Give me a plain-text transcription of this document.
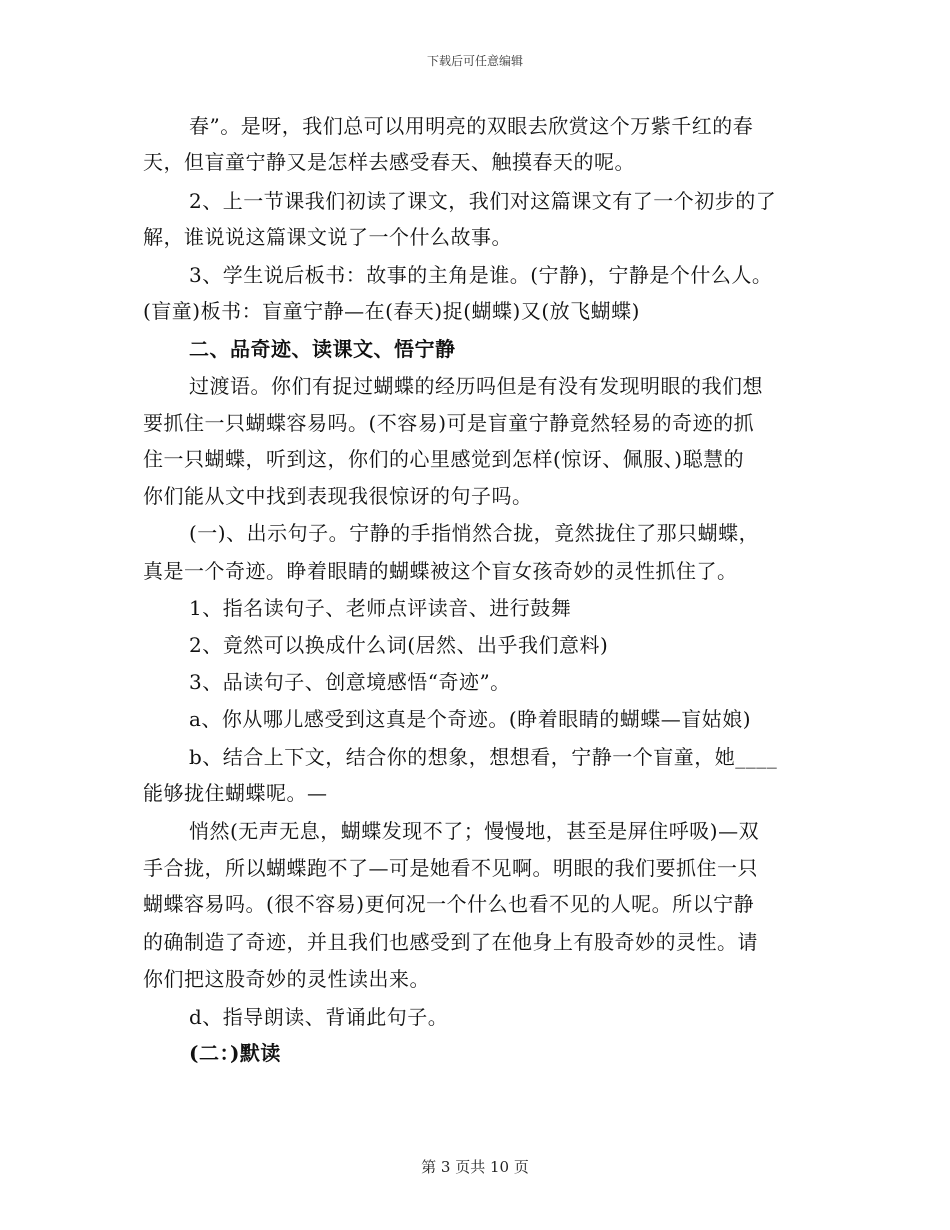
下载后可任意编辑
春”。是呀，我们总可以用明亮的双眼去欣赏这个万紫千红的春
天，但盲童宁静又是怎样去感受春天、触摸春天的呢。
2、上一节课我们初读了课文，我们对这篇课文有了一个初步的了
解，谁说说这篇课文说了一个什么故事。
3、学生说后板书：故事的主角是谁。(宁静)，宁静是个什么人。
(盲童)板书：盲童宁静—在(春天)捉(蝴蝶)又(放飞蝴蝶)
二、品奇迹、读课文、悟宁静
过渡语。你们有捉过蝴蝶的经历吗但是有没有发现明眼的我们想
要抓住一只蝴蝶容易吗。(不容易)可是盲童宁静竟然轻易的奇迹的抓
住一只蝴蝶，听到这，你们的心里感觉到怎样(惊讶、佩服、)聪慧的
你们能从文中找到表现我很惊讶的句子吗。
(一)、出示句子。宁静的手指悄然合拢，竟然拢住了那只蝴蝶，
真是一个奇迹。睁着眼睛的蝴蝶被这个盲女孩奇妙的灵性抓住了。
1、指名读句子、老师点评读音、进行鼓舞
2、竟然可以换成什么词(居然、出乎我们意料)
3、品读句子、创意境感悟“奇迹”。
a、你从哪儿感受到这真是个奇迹。(睁着眼睛的蝴蝶—盲姑娘)
b、结合上下文，结合你的想象，想想看，宁静一个盲童，她____
能够拢住蝴蝶呢。—
悄然(无声无息，蝴蝶发现不了；慢慢地，甚至是屏住呼吸)—双
手合拢，所以蝴蝶跑不了—可是她看不见啊。明眼的我们要抓住一只
蝴蝶容易吗。(很不容易)更何况一个什么也看不见的人呢。所以宁静
的确制造了奇迹，并且我们也感受到了在他身上有股奇妙的灵性。请
你们把这股奇妙的灵性读出来。
d、指导朗读、背诵此句子。
(二：)默读
第 3 页共 10 页
